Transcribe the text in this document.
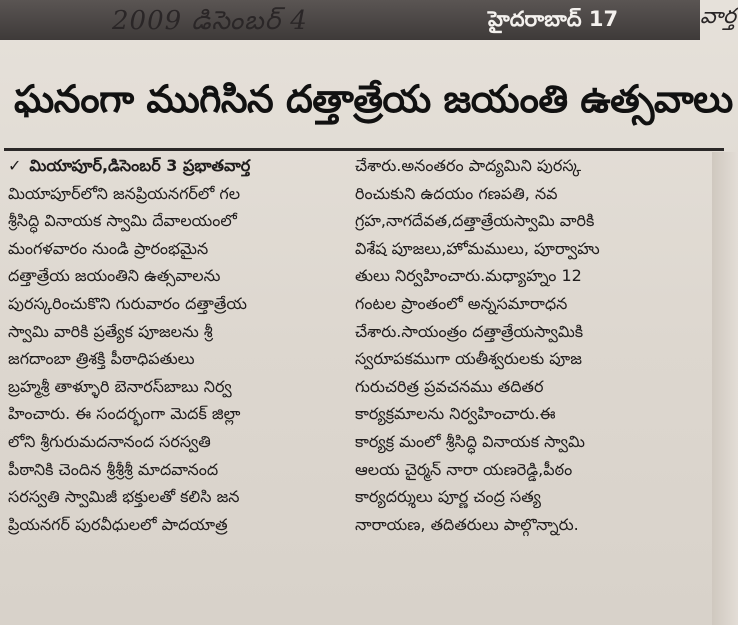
2009 డిసెంబర్ 4	హైదరాబాద్ 17	వార్త
ఘనంగా ముగిసిన దత్తాత్రేయ జయంతి ఉత్సవాలు
✓ మియాపూర్,డిసెంబర్ 3 ప్రభాతవార్త
మియాపూర్‌లోని జనప్రియనగర్‌లో గల
శ్రీసిద్ధి వినాయక స్వామి దేవాలయంలో
మంగళవారం నుండి ప్రారంభమైన
దత్తాత్రేయ జయంతిని ఉత్సవాలను
పురస్కరించుకొని గురువారం దత్తాత్రేయ
స్వామి వారికి ప్రత్యేక పూజలను శ్రీ
జగదాంబా త్రిశక్తి పీఠాధిపతులు
బ్రహ్మశ్రీ తాళ్ళూరి బెనారస్‌బాబు నిర్వ
హించారు. ఈ సందర్భంగా మెదక్ జిల్లా
లోని శ్రీగురుమదనానంద సరస్వతి
పీఠానికి చెందిన శ్రీశ్రీశ్రీ మాదవానంద
సరస్వతి స్వామిజీ భక్తులతో కలిసి జన
ప్రియనగర్ పురవీధులలో పాదయాత్ర
చేశారు.అనంతరం పాద్యమిని పురస్క
రించుకుని ఉదయం గణపతి, నవ
గ్రహ,నాగదేవత,దత్తాత్రేయస్వామి వారికి
విశేష పూజలు,హోమములు, పూర్వాహు
తులు నిర్వహించారు.మధ్యాహ్నం 12
గంటల ప్రాంతంలో అన్నసమారాధన
చేశారు.సాయంత్రం దత్తాత్రేయస్వామికి
స్వరూపకముగా యతీశ్వరులకు పూజ
గురుచరిత్ర ప్రవచనము తదితర
కార్యక్రమాలను నిర్వహించారు.ఈ
కార్యక్ర మంలో శ్రీసిద్ధి వినాయక స్వామి
ఆలయ చైర్మన్ నారా యణరెడ్డి,పీఠం
కార్యదర్శులు పూర్ణ చంద్ర సత్య
నారాయణ, తదితరులు పాల్గొన్నారు.
